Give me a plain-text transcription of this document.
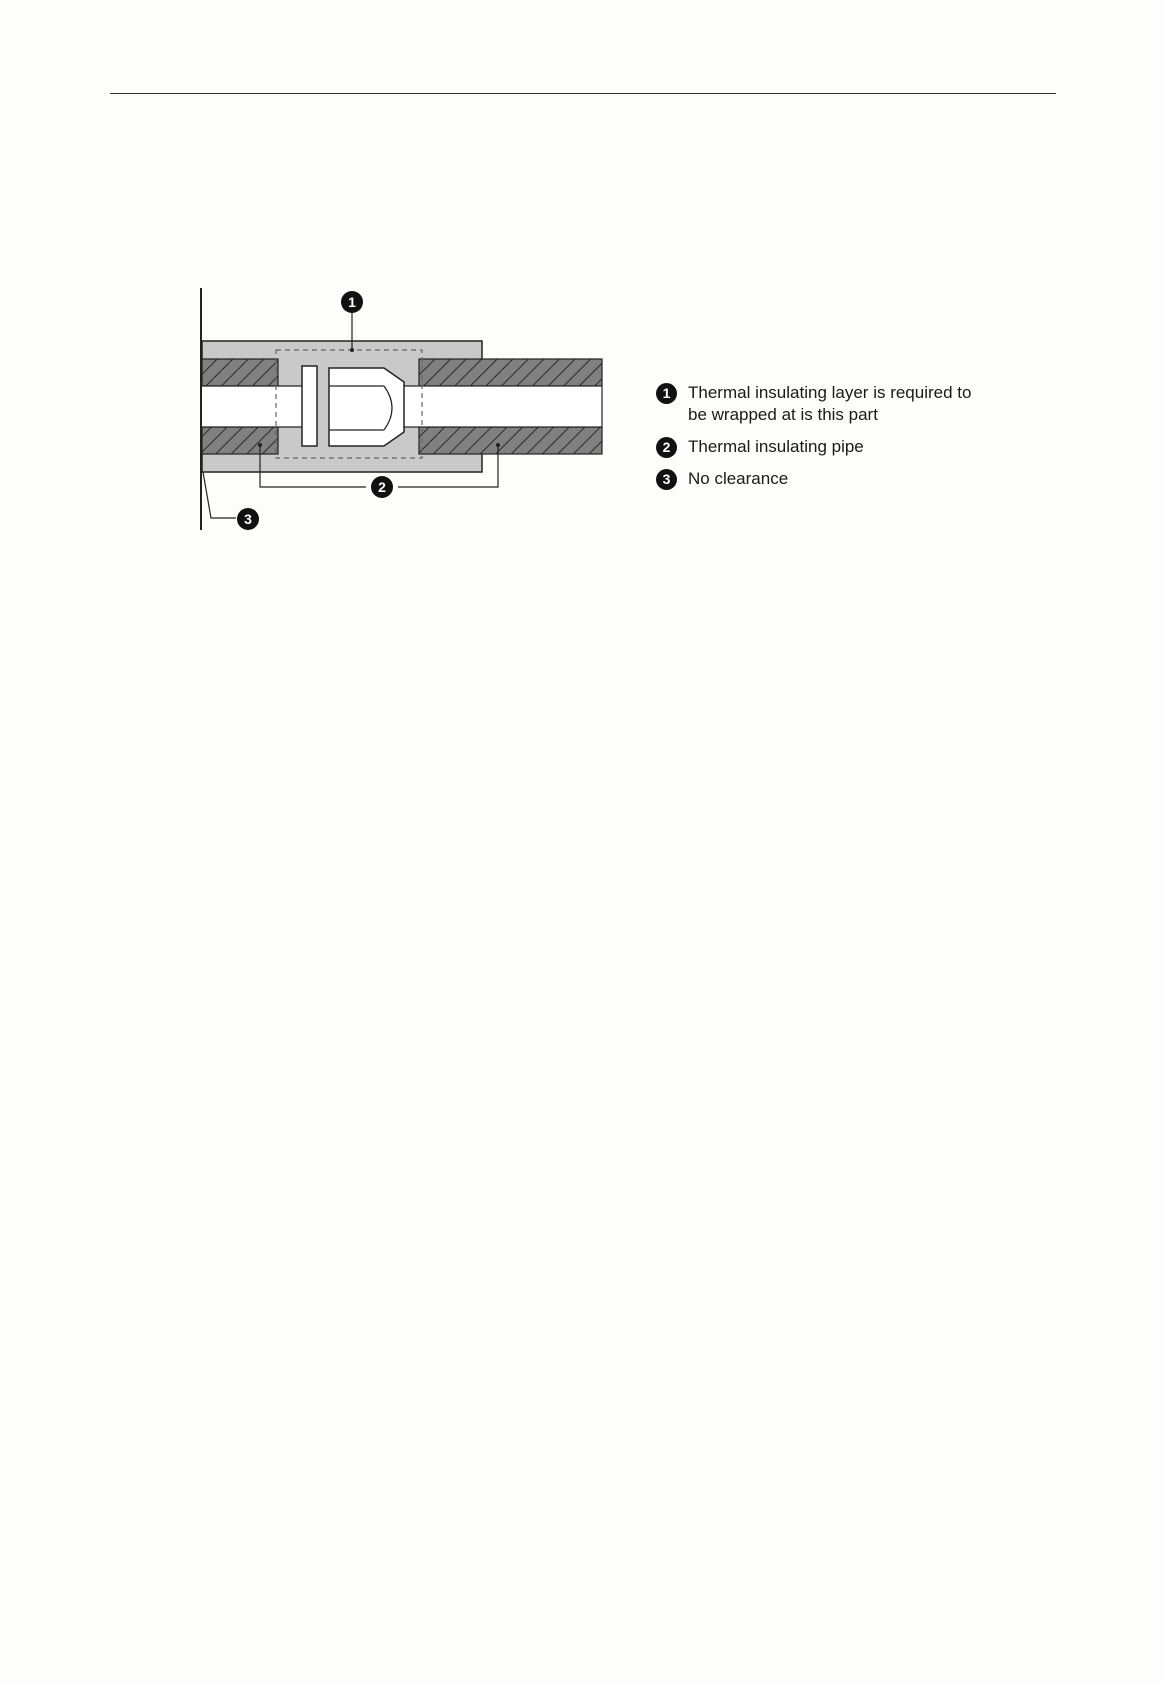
1
2
3
1	Thermal insulating layer is required to be wrapped at is this part
2	Thermal insulating pipe
3	No clearance
